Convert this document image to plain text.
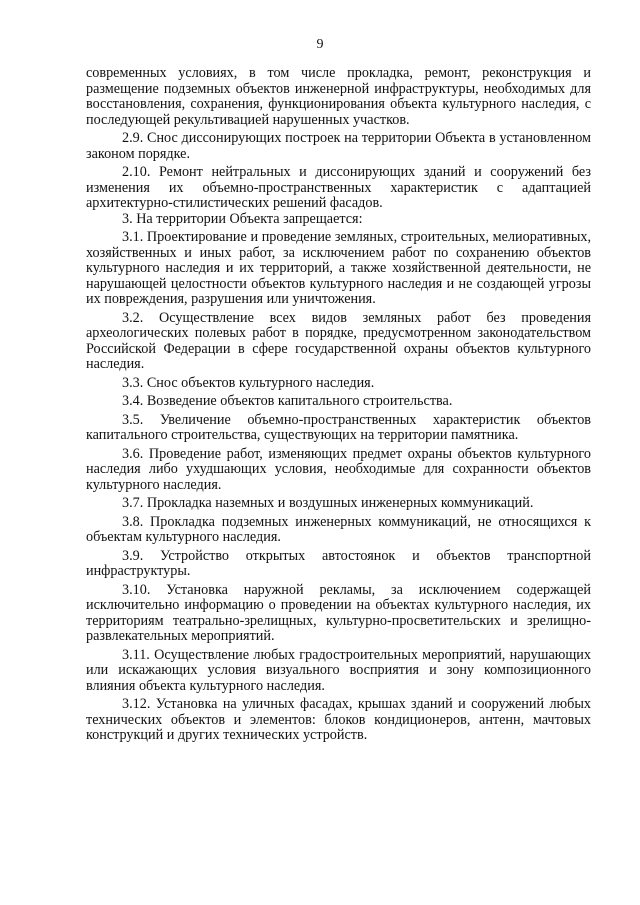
9

современных условиях, в том числе прокладка, ремонт, реконструкция и размещение подземных объектов инженерной инфраструктуры, необходимых для восстановления, сохранения, функционирования объекта культурного наследия, с последующей рекультивацией нарушенных участков.

2.9. Снос диссонирующих построек на территории Объекта в установленном законом порядке.

2.10. Ремонт нейтральных и диссонирующих зданий и сооружений без изменения их объемно-пространственных характеристик с адаптацией архитектурно-стилистических решений фасадов.

3. На территории Объекта запрещается:

3.1. Проектирование и проведение земляных, строительных, мелиоративных, хозяйственных и иных работ, за исключением работ по сохранению объектов культурного наследия и их территорий, а также хозяйственной деятельности, не нарушающей целостности объектов культурного наследия и не создающей угрозы их повреждения, разрушения или уничтожения.

3.2. Осуществление всех видов земляных работ без проведения археологических полевых работ в порядке, предусмотренном законодательством Российской Федерации в сфере государственной охраны объектов культурного наследия.

3.3. Снос объектов культурного наследия.

3.4. Возведение объектов капитального строительства.

3.5. Увеличение объемно-пространственных характеристик объектов капитального строительства, существующих на территории памятника.

3.6. Проведение работ, изменяющих предмет охраны объектов культурного наследия либо ухудшающих условия, необходимые для сохранности объектов культурного наследия.

3.7. Прокладка наземных и воздушных инженерных коммуникаций.

3.8. Прокладка подземных инженерных коммуникаций, не относящихся к объектам культурного наследия.

3.9. Устройство открытых автостоянок и объектов транспортной инфраструктуры.

3.10. Установка наружной рекламы, за исключением содержащей исключительно информацию о проведении на объектах культурного наследия, их территориям театрально-зрелищных, культурно-просветительских и зрелищно-развлекательных мероприятий.

3.11. Осуществление любых градостроительных мероприятий, нарушающих или искажающих условия визуального восприятия и зону композиционного влияния объекта культурного наследия.

3.12. Установка на уличных фасадах, крышах зданий и сооружений любых технических объектов и элементов: блоков кондиционеров, антенн, мачтовых конструкций и других технических устройств.
